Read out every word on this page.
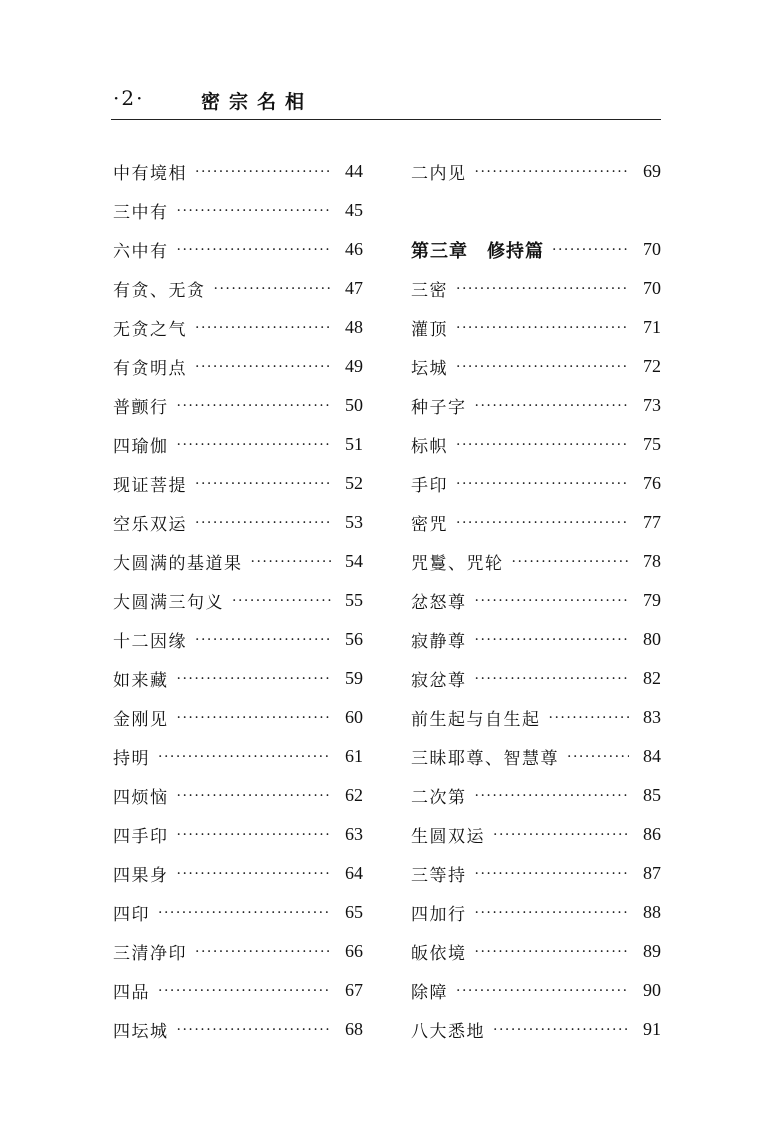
·2·	密宗名相
中有境相 ·····	44
三中有 ·····	45
六中有 ·····	46
有贪、无贪 ·····	47
无贪之气 ·····	48
有贪明点 ·····	49
普颤行 ·····	50
四瑜伽 ·····	51
现证菩提 ·····	52
空乐双运 ·····	53
大圆满的基道果 ·····	54
大圆满三句义 ·····	55
十二因缘 ·····	56
如来藏 ·····	59
金刚见 ·····	60
持明 ·····	61
四烦恼 ·····	62
四手印 ·····	63
四果身 ·····	64
四印 ·····	65
三清净印 ·····	66
四品 ·····	67
四坛城 ·····	68
二内见 ·····	69
第三章　修持篇 ·····	70
三密 ·····	70
灌顶 ·····	71
坛城 ·····	72
种子字 ·····	73
标帜 ·····	75
手印 ·····	76
密咒 ·····	77
咒鬘、咒轮 ·····	78
忿怒尊 ·····	79
寂静尊 ·····	80
寂忿尊 ·····	82
前生起与自生起 ·····	83
三昧耶尊、智慧尊 ·····	84
二次第 ·····	85
生圆双运 ·····	86
三等持 ·····	87
四加行 ·····	88
皈依境 ·····	89
除障 ·····	90
八大悉地 ·····	91
